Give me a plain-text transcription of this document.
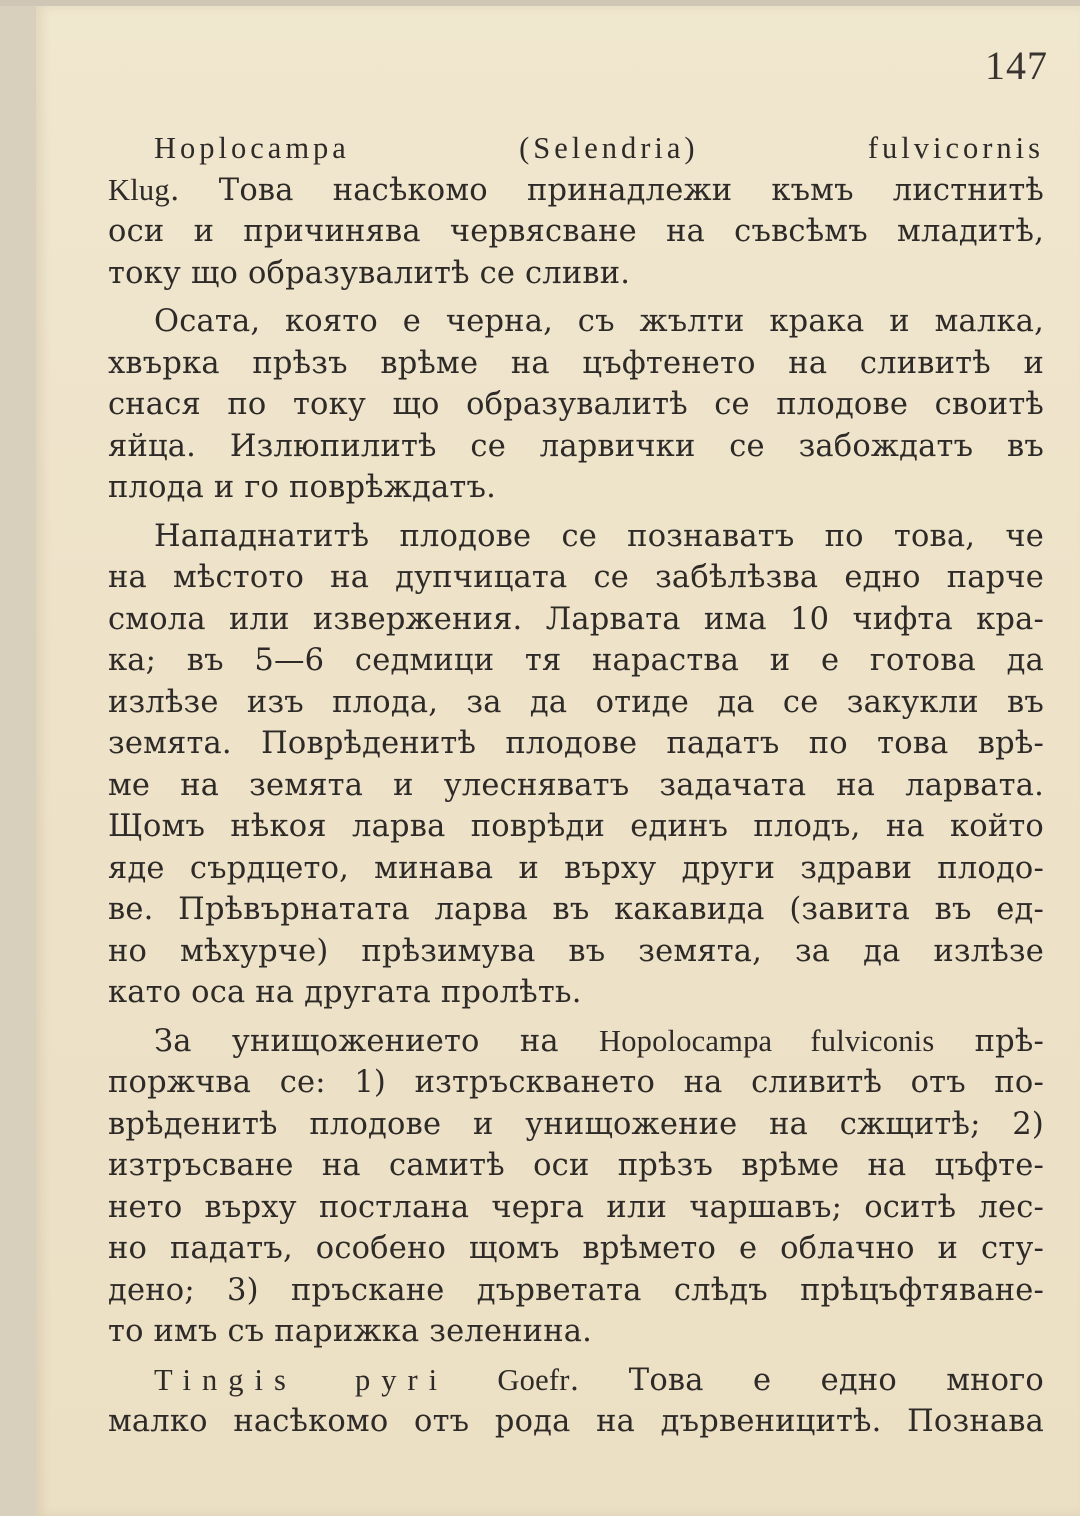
147
Hoplocampa (Selendria) fulvicornis
Klug. Това насѣкомо принадлежи къмъ листнитѣ
оси и причинява червясване на съвсѣмъ младитѣ,
току що образувалитѣ се сливи.
Осата, която е черна, съ жълти крака и малка,
хвърка прѣзъ врѣме на цъфтенето на сливитѣ и
снася по току що образувалитѣ се плодове своитѣ
яйца. Излюпилитѣ се ларвички се забождатъ въ
плода и го поврѣждатъ.
Нападнатитѣ плодове се познаватъ по това, че
на мѣстото на дупчицата се забѣлѣзва едно парче
смола или извержения. Ларвата има 10 чифта кра-
ка; въ 5—6 седмици тя нараства и е готова да
излѣзе изъ плода, за да отиде да се закукли въ
земята. Поврѣденитѣ плодове падатъ по това врѣ-
ме на земята и улесняватъ задачата на ларвата.
Щомъ нѣкоя ларва поврѣди единъ плодъ, на който
яде сърдцето, минава и върху други здрави плодо-
ве. Прѣвърнатата ларва въ какавида (завита въ ед-
но мѣхурче) прѣзимува въ земята, за да излѣзе
като оса на другата пролѣть.
За унищожението на Hopolocampa fulviconis прѣ-
поржчва се: 1) изтръскването на сливитѣ отъ по-
врѣденитѣ плодове и унищожение на сжщитѣ; 2)
изтръсване на самитѣ оси прѣзъ врѣме на цъфте-
нето върху постлана черга или чаршавъ; оситѣ лес-
но падатъ, особено щомъ врѣмето е облачно и сту-
дено; 3) пръскане дърветата слѣдъ прѣцъфтяване-
то имъ съ парижка зеленина.
Tingis pyri Goefr. Това е едно много
малко насѣкомо отъ рода на дървеницитѣ. Познава
